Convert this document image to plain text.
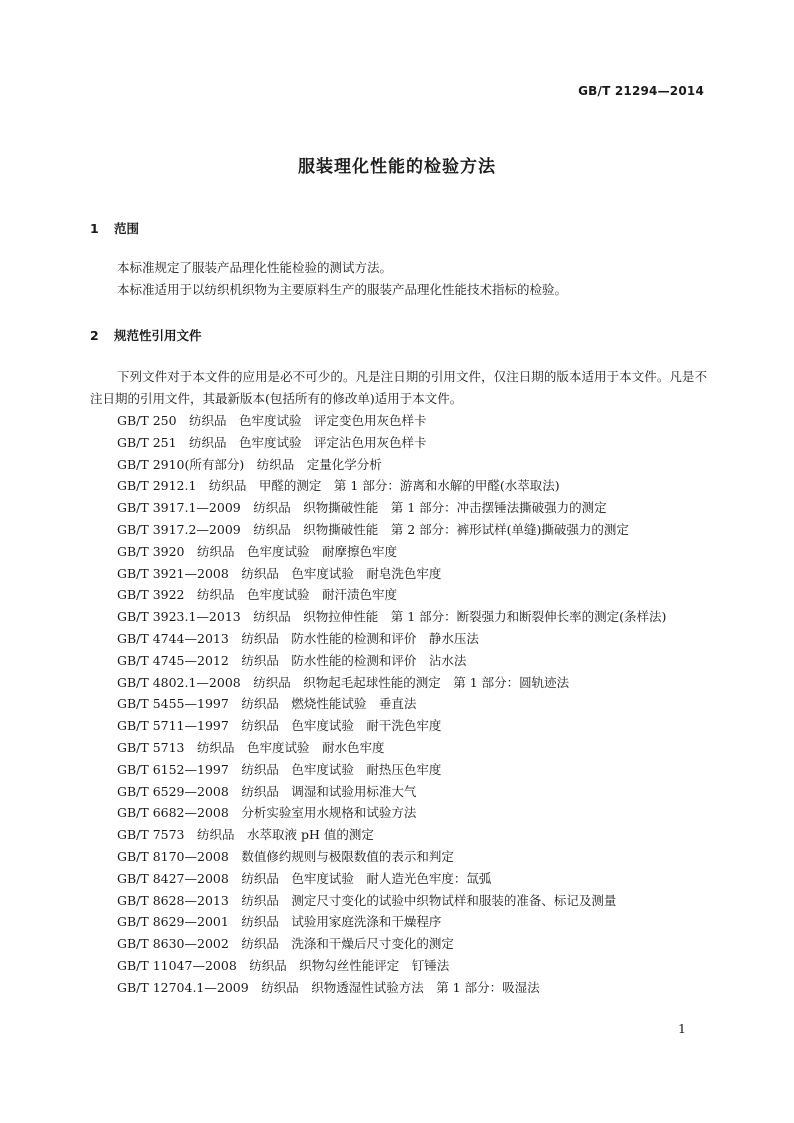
GB/T 21294—2014
服装理化性能的检验方法
1 范围
本标准规定了服装产品理化性能检验的测试方法。
本标准适用于以纺织机织物为主要原料生产的服装产品理化性能技术指标的检验。
2 规范性引用文件
下列文件对于本文件的应用是必不可少的。凡是注日期的引用文件，仅注日期的版本适用于本文件。凡是不注日期的引用文件，其最新版本(包括所有的修改单)适用于本文件。
GB/T 250　纺织品　色牢度试验　评定变色用灰色样卡
GB/T 251　纺织品　色牢度试验　评定沾色用灰色样卡
GB/T 2910(所有部分)　纺织品　定量化学分析
GB/T 2912.1　纺织品　甲醛的测定　第 1 部分：游离和水解的甲醛(水萃取法)
GB/T 3917.1—2009　纺织品　织物撕破性能　第 1 部分：冲击摆锤法撕破强力的测定
GB/T 3917.2—2009　纺织品　织物撕破性能　第 2 部分：裤形试样(单缝)撕破强力的测定
GB/T 3920　纺织品　色牢度试验　耐摩擦色牢度
GB/T 3921—2008　纺织品　色牢度试验　耐皂洗色牢度
GB/T 3922　纺织品　色牢度试验　耐汗渍色牢度
GB/T 3923.1—2013　纺织品　织物拉伸性能　第 1 部分：断裂强力和断裂伸长率的测定(条样法)
GB/T 4744—2013　纺织品　防水性能的检测和评价　静水压法
GB/T 4745—2012　纺织品　防水性能的检测和评价　沾水法
GB/T 4802.1—2008　纺织品　织物起毛起球性能的测定　第 1 部分：圆轨迹法
GB/T 5455—1997　纺织品　燃烧性能试验　垂直法
GB/T 5711—1997　纺织品　色牢度试验　耐干洗色牢度
GB/T 5713　纺织品　色牢度试验　耐水色牢度
GB/T 6152—1997　纺织品　色牢度试验　耐热压色牢度
GB/T 6529—2008　纺织品　调湿和试验用标准大气
GB/T 6682—2008　分析实验室用水规格和试验方法
GB/T 7573　纺织品　水萃取液 pH 值的测定
GB/T 8170—2008　数值修约规则与极限数值的表示和判定
GB/T 8427—2008　纺织品　色牢度试验　耐人造光色牢度：氙弧
GB/T 8628—2013　纺织品　测定尺寸变化的试验中织物试样和服装的准备、标记及测量
GB/T 8629—2001　纺织品　试验用家庭洗涤和干燥程序
GB/T 8630—2002　纺织品　洗涤和干燥后尺寸变化的测定
GB/T 11047—2008　纺织品　织物勾丝性能评定　钉锤法
GB/T 12704.1—2009　纺织品　织物透湿性试验方法　第 1 部分：吸湿法
1
